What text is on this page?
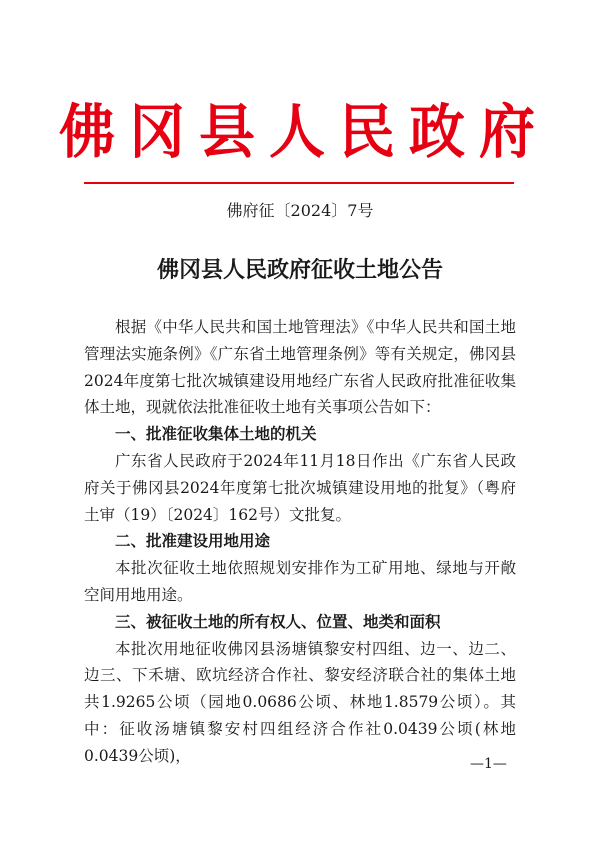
佛冈县人民政府
佛府征〔2024〕7号
佛冈县人民政府征收土地公告

根据《中华人民共和国土地管理法》《中华人民共和国土地管理法实施条例》《广东省土地管理条例》等有关规定，佛冈县2024年度第七批次城镇建设用地经广东省人民政府批准征收集体土地，现就依法批准征收土地有关事项公告如下：

一、批准征收集体土地的机关

广东省人民政府于2024年11月18日作出《广东省人民政府关于佛冈县2024年度第七批次城镇建设用地的批复》（粤府土审（19）〔2024〕162号）文批复。

二、批准建设用地用途

本批次征收土地依照规划安排作为工矿用地、绿地与开敞空间用地用途。

三、被征收土地的所有权人、位置、地类和面积

本批次用地征收佛冈县汤塘镇黎安村四组、边一、边二、边三、下禾塘、欧坑经济合作社、黎安经济联合社的集体土地共1.9265公顷（园地0.0686公顷、林地1.8579公顷）。其中：征收汤塘镇黎安村四组经济合作社0.0439公顷(林地0.0439公顷)，	—1—
